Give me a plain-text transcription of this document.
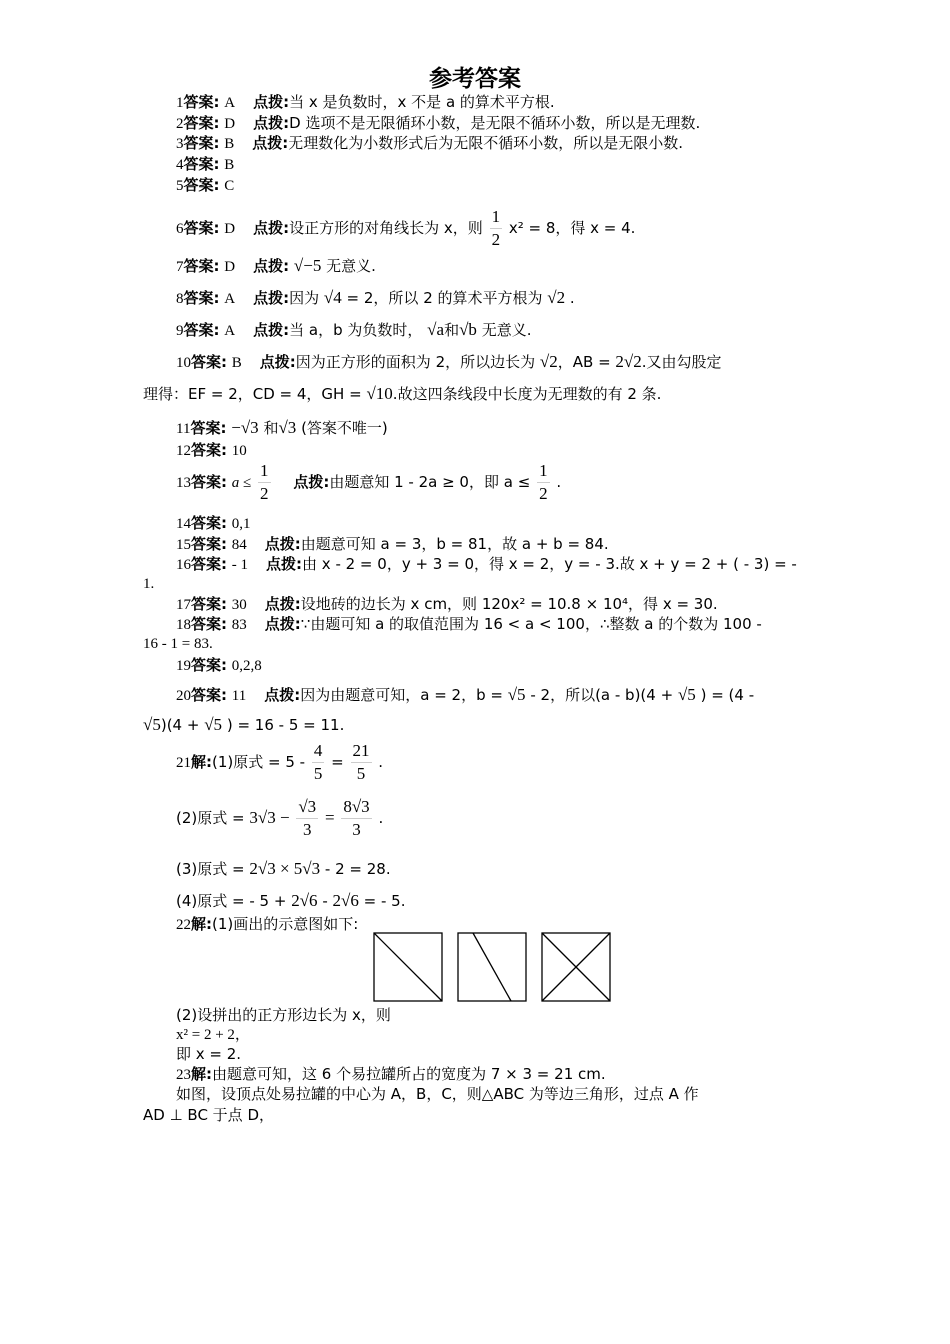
参考答案
1答案: A 点拨:当 x 是负数时，x 不是 a 的算术平方根.
2答案: D 点拨:D 选项不是无限循环小数，是无限不循环小数，所以是无理数.
3答案: B 点拨:无理数化为小数形式后为无限不循环小数，所以是无限小数.
4答案: B
5答案: C
6答案: D 点拨:设正方形的对角线长为 x，则 $\frac{1}{2} x^2 = 8$，得 x = 4.
7答案: D 点拨: √−5 无意义.
8答案: A 点拨:因为 √4 = 2，所以 2 的算术平方根为 √2 .
9答案: A 点拨:当 a，b 为负数时， √a和√b 无意义.
10答案: B 点拨:因为正方形的面积为 2，所以边长为 √2，AB = 2√2.又由勾股定
理得：EF = 2，CD = 4，GH = √10.故这四条线段中长度为无理数的有 2 条.
11答案: −√3 和√3 (答案不唯一)
12答案: 10
13答案: $a \le \frac{1}{2}$ 点拨:由题意知 1 - 2a ≥ 0，即 $a \le \frac{1}{2}$ .
14答案: 0,1
15答案: 84 点拨:由题意可知 a = 3，b = 81，故 a + b = 84.
16答案: - 1 点拨:由 x - 2 = 0，y + 3 = 0，得 x = 2，y = - 3.故 x + y = 2 + ( - 3) = -
1.
17答案: 30 点拨:设地砖的边长为 x cm，则 120x² = 10.8 × 10⁴，得 x = 30.
18答案: 83 点拨:∵由题可知 a 的取值范围为 16 < a < 100，∴整数 a 的个数为 100 -
16 - 1 = 83.
19答案: 0,2,8
20答案: 11 点拨:因为由题意可知，a = 2，b = √5 - 2，所以(a - b)(4 + √5 ) = (4 -
√5)(4 + √5 ) = 16 - 5 = 11.
21解:(1)原式 = $5 - \frac{4}{5} = \frac{21}{5}$ .
(2)原式 = $3√3 - \frac{√3}{3} = \frac{8√3}{3}$ .
(3)原式 = 2√3 × 5√3 - 2 = 28.
(4)原式 = - 5 + 2√6 - 2√6 = - 5.
22解:(1)画出的示意图如下:
(2)设拼出的正方形边长为 x，则
x² = 2 + 2，
即 x = 2.
23解:由题意可知，这 6 个易拉罐所占的宽度为 7 × 3 = 21 cm.
如图，设顶点处易拉罐的中心为 A，B，C，则△ABC 为等边三角形，过点 A 作
AD ⊥ BC 于点 D，
